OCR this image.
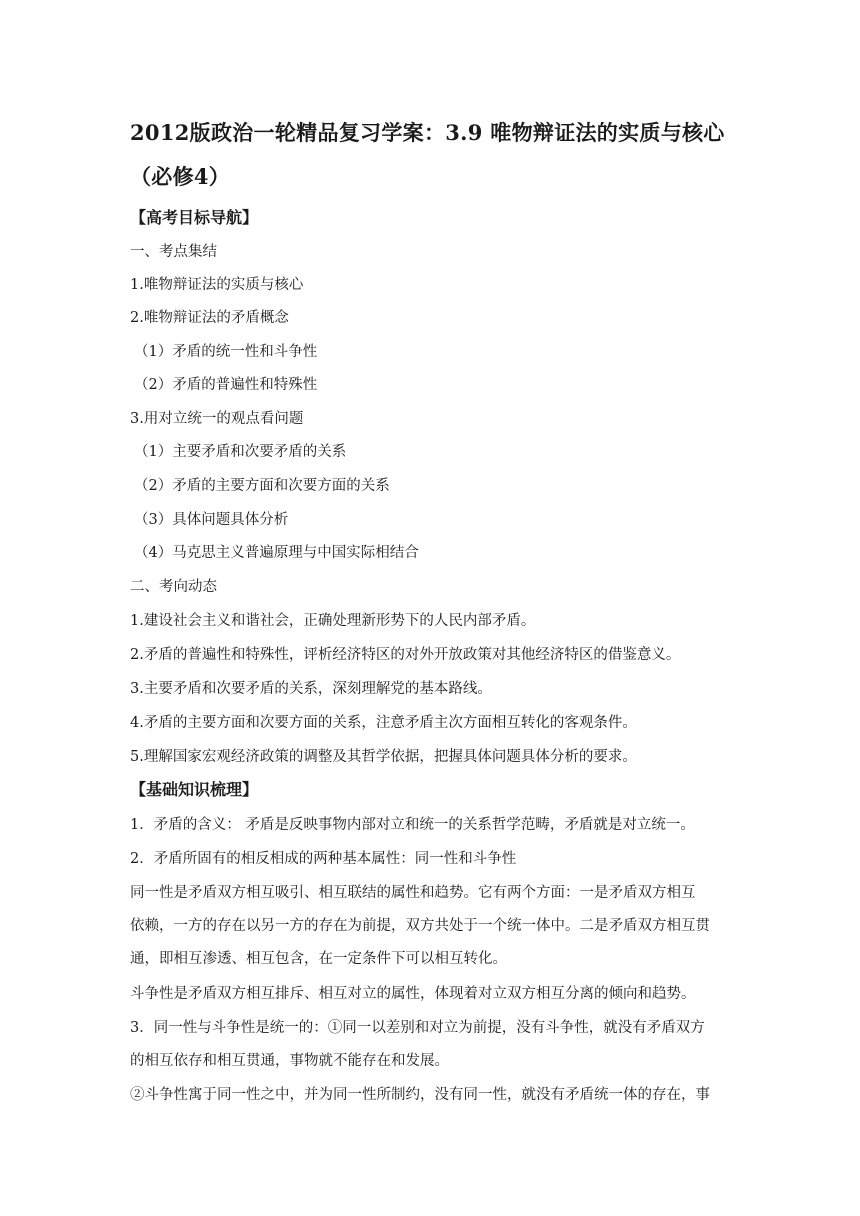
2012版政治一轮精品复习学案：3.9 唯物辩证法的实质与核心
（必修4）
【高考目标导航】
一、考点集结
1.唯物辩证法的实质与核心
2.唯物辩证法的矛盾概念
（1）矛盾的统一性和斗争性
（2）矛盾的普遍性和特殊性
3.用对立统一的观点看问题
（1）主要矛盾和次要矛盾的关系
（2）矛盾的主要方面和次要方面的关系
（3）具体问题具体分析
（4）马克思主义普遍原理与中国实际相结合
二、考向动态
1.建设社会主义和谐社会，正确处理新形势下的人民内部矛盾。
2.矛盾的普遍性和特殊性，评析经济特区的对外开放政策对其他经济特区的借鉴意义。
3.主要矛盾和次要矛盾的关系，深刻理解党的基本路线。
4.矛盾的主要方面和次要方面的关系，注意矛盾主次方面相互转化的客观条件。
5.理解国家宏观经济政策的调整及其哲学依据，把握具体问题具体分析的要求。
【基础知识梳理】
1．矛盾的含义： 矛盾是反映事物内部对立和统一的关系哲学范畴，矛盾就是对立统一。
2．矛盾所固有的相反相成的两种基本属性：同一性和斗争性
同一性是矛盾双方相互吸引、相互联结的属性和趋势。它有两个方面：一是矛盾双方相互
依赖，一方的存在以另一方的存在为前提，双方共处于一个统一体中。二是矛盾双方相互贯
通，即相互渗透、相互包含，在一定条件下可以相互转化。
斗争性是矛盾双方相互排斥、相互对立的属性，体现着对立双方相互分离的倾向和趋势。
3．同一性与斗争性是统一的：①同一以差别和对立为前提，没有斗争性，就没有矛盾双方
的相互依存和相互贯通，事物就不能存在和发展。
②斗争性寓于同一性之中，并为同一性所制约，没有同一性，就没有矛盾统一体的存在，事
